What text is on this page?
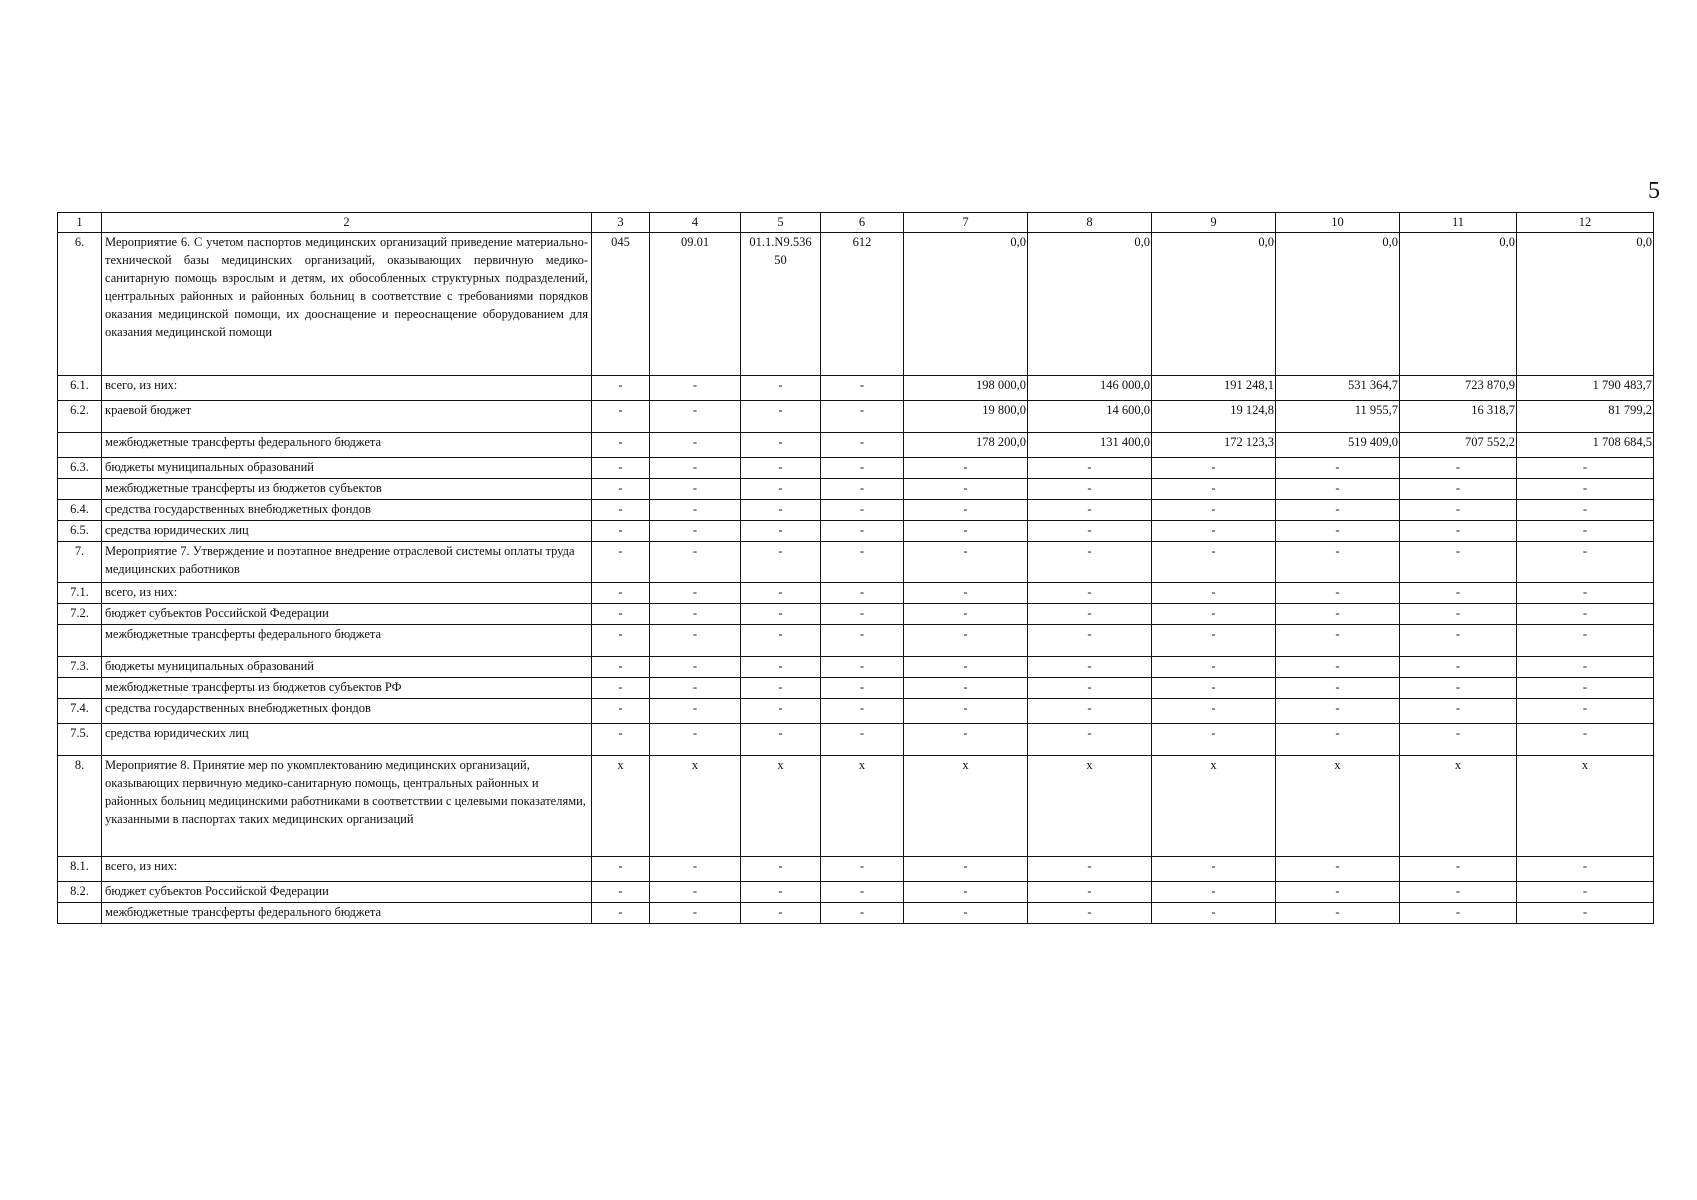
5
1	2	3	4	5	6	7	8	9	10	11	12
6.	Мероприятие 6. С учетом паспортов медицинских организаций приведение материально-технической базы медицинских организаций, оказывающих первичную медико-санитарную помощь взрослым и детям, их обособленных структурных подразделений, центральных районных и районных больниц в соответствие с требованиями порядков оказания медицинской помощи, их дооснащение и переоснащение оборудованием для оказания медицинской помощи	045	09.01	01.1.N9.536 50	612	0,0	0,0	0,0	0,0	0,0	0,0
6.1.	всего, из них:	-	-	-	-	198 000,0	146 000,0	191 248,1	531 364,7	723 870,9	1 790 483,7
6.2.	краевой бюджет	-	-	-	-	19 800,0	14 600,0	19 124,8	11 955,7	16 318,7	81 799,2
	межбюджетные трансферты федерального бюджета	-	-	-	-	178 200,0	131 400,0	172 123,3	519 409,0	707 552,2	1 708 684,5
6.3.	бюджеты муниципальных образований	-	-	-	-	-	-	-	-	-	-
	межбюджетные трансферты из бюджетов субъектов	-	-	-	-	-	-	-	-	-	-
6.4.	средства государственных внебюджетных фондов	-	-	-	-	-	-	-	-	-	-
6.5.	средства юридических лиц	-	-	-	-	-	-	-	-	-	-
7.	Мероприятие 7. Утверждение и поэтапное внедрение отраслевой системы оплаты труда медицинских работников	-	-	-	-	-	-	-	-	-	-
7.1.	всего, из них:	-	-	-	-	-	-	-	-	-	-
7.2.	бюджет субъектов Российской Федерации	-	-	-	-	-	-	-	-	-	-
	межбюджетные трансферты федерального бюджета	-	-	-	-	-	-	-	-	-	-
7.3.	бюджеты муниципальных образований	-	-	-	-	-	-	-	-	-	-
	межбюджетные трансферты из бюджетов субъектов РФ	-	-	-	-	-	-	-	-	-	-
7.4.	средства государственных внебюджетных фондов	-	-	-	-	-	-	-	-	-	-
7.5.	средства юридических лиц	-	-	-	-	-	-	-	-	-	-
8.	Мероприятие 8. Принятие мер по укомплектованию медицинских организаций, оказывающих первичную медико-санитарную помощь, центральных районных и районных больниц медицинскими работниками в соответствии с целевыми показателями, указанными в паспортах таких медицинских организаций	x	x	x	x	x	x	x	x	x	x
8.1.	всего, из них:	-	-	-	-	-	-	-	-	-	-
8.2.	бюджет субъектов Российской Федерации	-	-	-	-	-	-	-	-	-	-
	межбюджетные трансферты федерального бюджета	-	-	-	-	-	-	-	-	-	-
